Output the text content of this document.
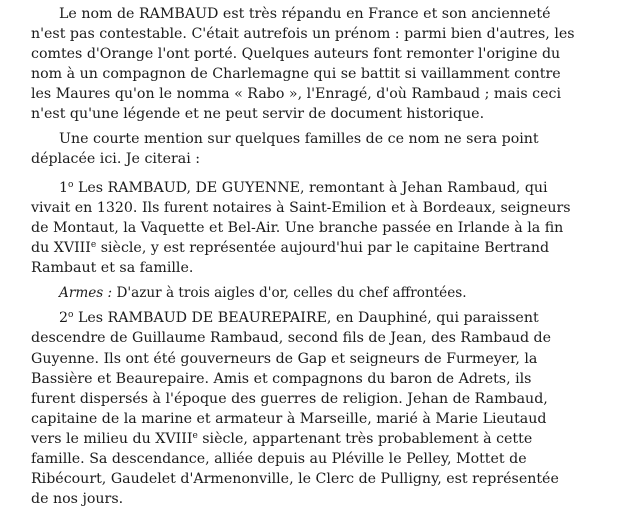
Le nom de RAMBAUD est très répandu en France et son ancienneté
n'est pas contestable. C'était autrefois un prénom : parmi bien d'autres, les
comtes d'Orange l'ont porté. Quelques auteurs font remonter l'origine du
nom à un compagnon de Charlemagne qui se battit si vaillamment contre
les Maures qu'on le nomma « Rabo », l'Enragé, d'où Rambaud ; mais ceci
n'est qu'une légende et ne peut servir de document historique.

Une courte mention sur quelques familles de ce nom ne sera point
déplacée ici. Je citerai :

1$^o$ Les RAMBAUD, DE GUYENNE, remontant à Jehan Rambaud, qui
vivait en 1320. Ils furent notaires à Saint-Emilion et à Bordeaux, seigneurs
de Montaut, la Vaquette et Bel-Air. Une branche passée en Irlande à la fin
du XVIIIe siècle, y est représentée aujourd'hui par le capitaine Bertrand
Rambaut et sa famille.

Armes : D'azur à trois aigles d'or, celles du chef affrontées.

2$^o$ Les RAMBAUD DE BEAUREPAIRE, en Dauphiné, qui paraissent
descendre de Guillaume Rambaud, second fils de Jean, des Rambaud de
Guyenne. Ils ont été gouverneurs de Gap et seigneurs de Furmeyer, la
Bassière et Beaurepaire. Amis et compagnons du baron de Adrets, ils
furent dispersés à l'époque des guerres de religion. Jehan de Rambaud,
capitaine de la marine et armateur à Marseille, marié à Marie Lieutaud
vers le milieu du XVIIIe siècle, appartenant très probablement à cette
famille. Sa descendance, alliée depuis au Pléville le Pelley, Mottet de
Ribécourt, Gaudelet d'Armenonville, le Clerc de Pulligny, est représentée
de nos jours.
